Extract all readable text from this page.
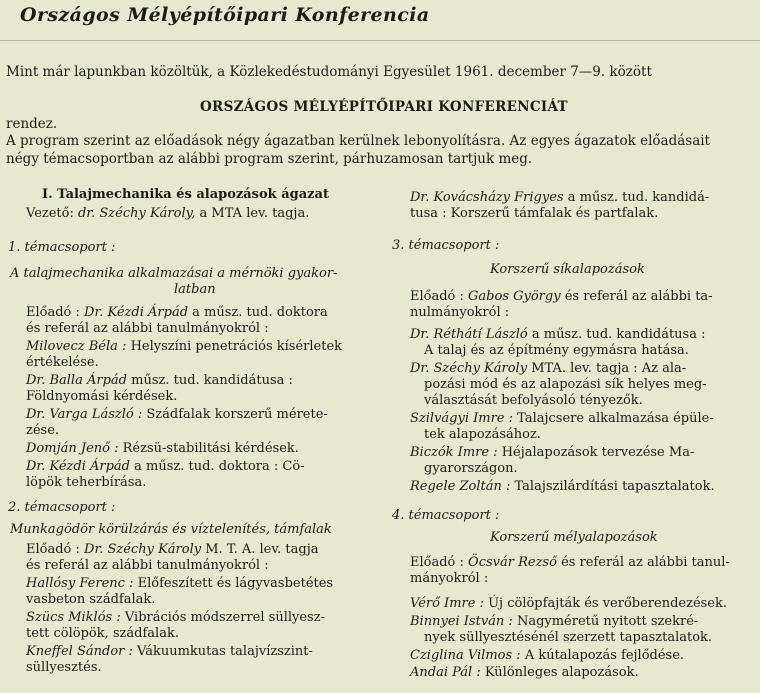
Országos Mélyépítőipari Konferencia
Mint már lapunkban közöltük, a Közlekedéstudományi Egyesület 1961. december 7—9. között
ORSZÁGOS MÉLYÉPÍTŐIPARI KONFERENCIÁT
rendez.
A program szerint az előadások négy ágazatban kerülnek lebonyolításra. Az egyes ágazatok előadásait
négy témacsoportban az alábbi program szerint, párhuzamosan tartjuk meg.
I. Talajmechanika és alapozások ágazat
Vezető: dr. Széchy Károly, a MTA lev. tagja.
1. témacsoport :
A talajmechanika alkalmazásai a mérnöki gyakor-
latban
Előadó : Dr. Kézdi Árpád a műsz. tud. doktora
és referál az alábbi tanulmányokról :
Milovecz Béla : Helyszíni penetrációs kísérletek
értékelése.
Dr. Balla Árpád műsz. tud. kandidátusa :
Földnyomási kérdések.
Dr. Varga László : Szádfalak korszerű mérete-
zése.
Domján Jenő : Rézsü-stabilitási kérdések.
Dr. Kézdi Árpád a műsz. tud. doktora : Cö-
löpök teherbírása.
2. témacsoport :
Munkagödör körülzárás és víztelenítés, támfalak
Előadó : Dr. Széchy Károly M. T. A. lev. tagja
és referál az alábbi tanulmányokról :
Hallósy Ferenc : Előfeszített és lágyvasbetétes
vasbeton szádfalak.
Szücs Miklós : Vibrációs módszerrel süllyesz-
tett cölöpök, szádfalak.
Kneffel Sándor : Vákuumkutas talajvízszint-
süllyesztés.
Dr. Kovácsházy Frigyes a műsz. tud. kandidá-
tusa : Korszerű támfalak és partfalak.
3. témacsoport :
Korszerű síkalapozások
Előadó : Gabos György és referál az alábbi ta-
nulmányokról :
Dr. Réthátí László a műsz. tud. kandidátusa :
A talaj és az építmény egymásra hatása.
Dr. Széchy Károly MTA. lev. tagja : Az ala-
pozási mód és az alapozási sík helyes meg-
választását befolyásoló tényezők.
Szilvágyi Imre : Talajcsere alkalmazása épüle-
tek alapozásához.
Biczók Imre : Héjalapozások tervezése Ma-
gyarországon.
Regele Zoltán : Talajszilárdítási tapasztalatok.
4. témacsoport :
Korszerű mélyalapozások
Előadó : Öcsvár Rezső és referál az alábbi tanul-
mányokról :
Vérő Imre : Új cölöpfajták és verőberendezések.
Binnyei István : Nagyméretű nyitott szekré-
nyek süllyesztésénél szerzett tapasztalatok.
Cziglina Vilmos : A kútalapozás fejlődése.
Andai Pál : Különleges alapozások.
